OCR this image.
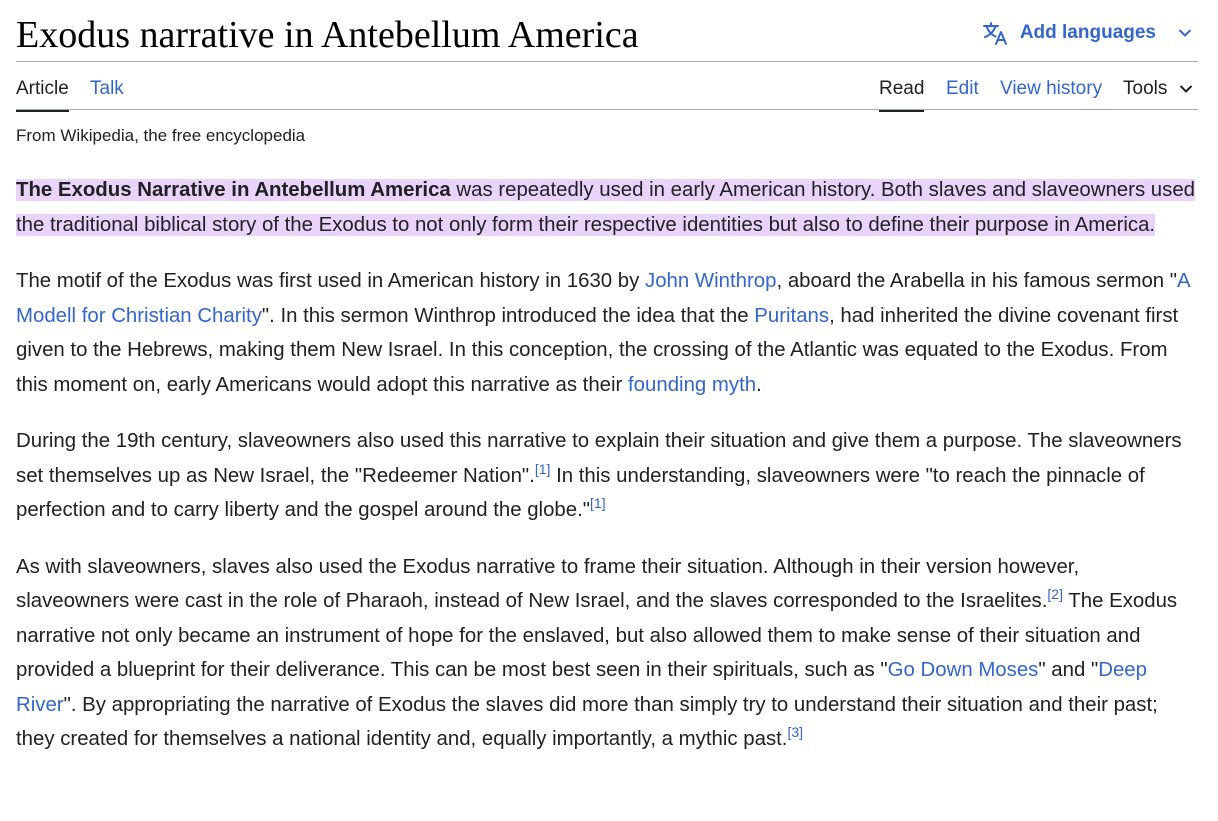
Exodus narrative in Antebellum America	Add languages
Article Talk	Read Edit View history Tools
From Wikipedia, the free encyclopedia

The Exodus Narrative in Antebellum America was repeatedly used in early American history. Both slaves and slaveowners used the traditional biblical story of the Exodus to not only form their respective identities but also to define their purpose in America.

The motif of the Exodus was first used in American history in 1630 by John Winthrop, aboard the Arabella in his famous sermon "A Modell for Christian Charity". In this sermon Winthrop introduced the idea that the Puritans, had inherited the divine covenant first given to the Hebrews, making them New Israel. In this conception, the crossing of the Atlantic was equated to the Exodus. From this moment on, early Americans would adopt this narrative as their founding myth.

During the 19th century, slaveowners also used this narrative to explain their situation and give them a purpose. The slaveowners set themselves up as New Israel, the "Redeemer Nation".[1] In this understanding, slaveowners were "to reach the pinnacle of perfection and to carry liberty and the gospel around the globe."[1]

As with slaveowners, slaves also used the Exodus narrative to frame their situation. Although in their version however, slaveowners were cast in the role of Pharaoh, instead of New Israel, and the slaves corresponded to the Israelites.[2] The Exodus narrative not only became an instrument of hope for the enslaved, but also allowed them to make sense of their situation and provided a blueprint for their deliverance. This can be most best seen in their spirituals, such as "Go Down Moses" and "Deep River". By appropriating the narrative of Exodus the slaves did more than simply try to understand their situation and their past; they created for themselves a national identity and, equally importantly, a mythic past.[3]
